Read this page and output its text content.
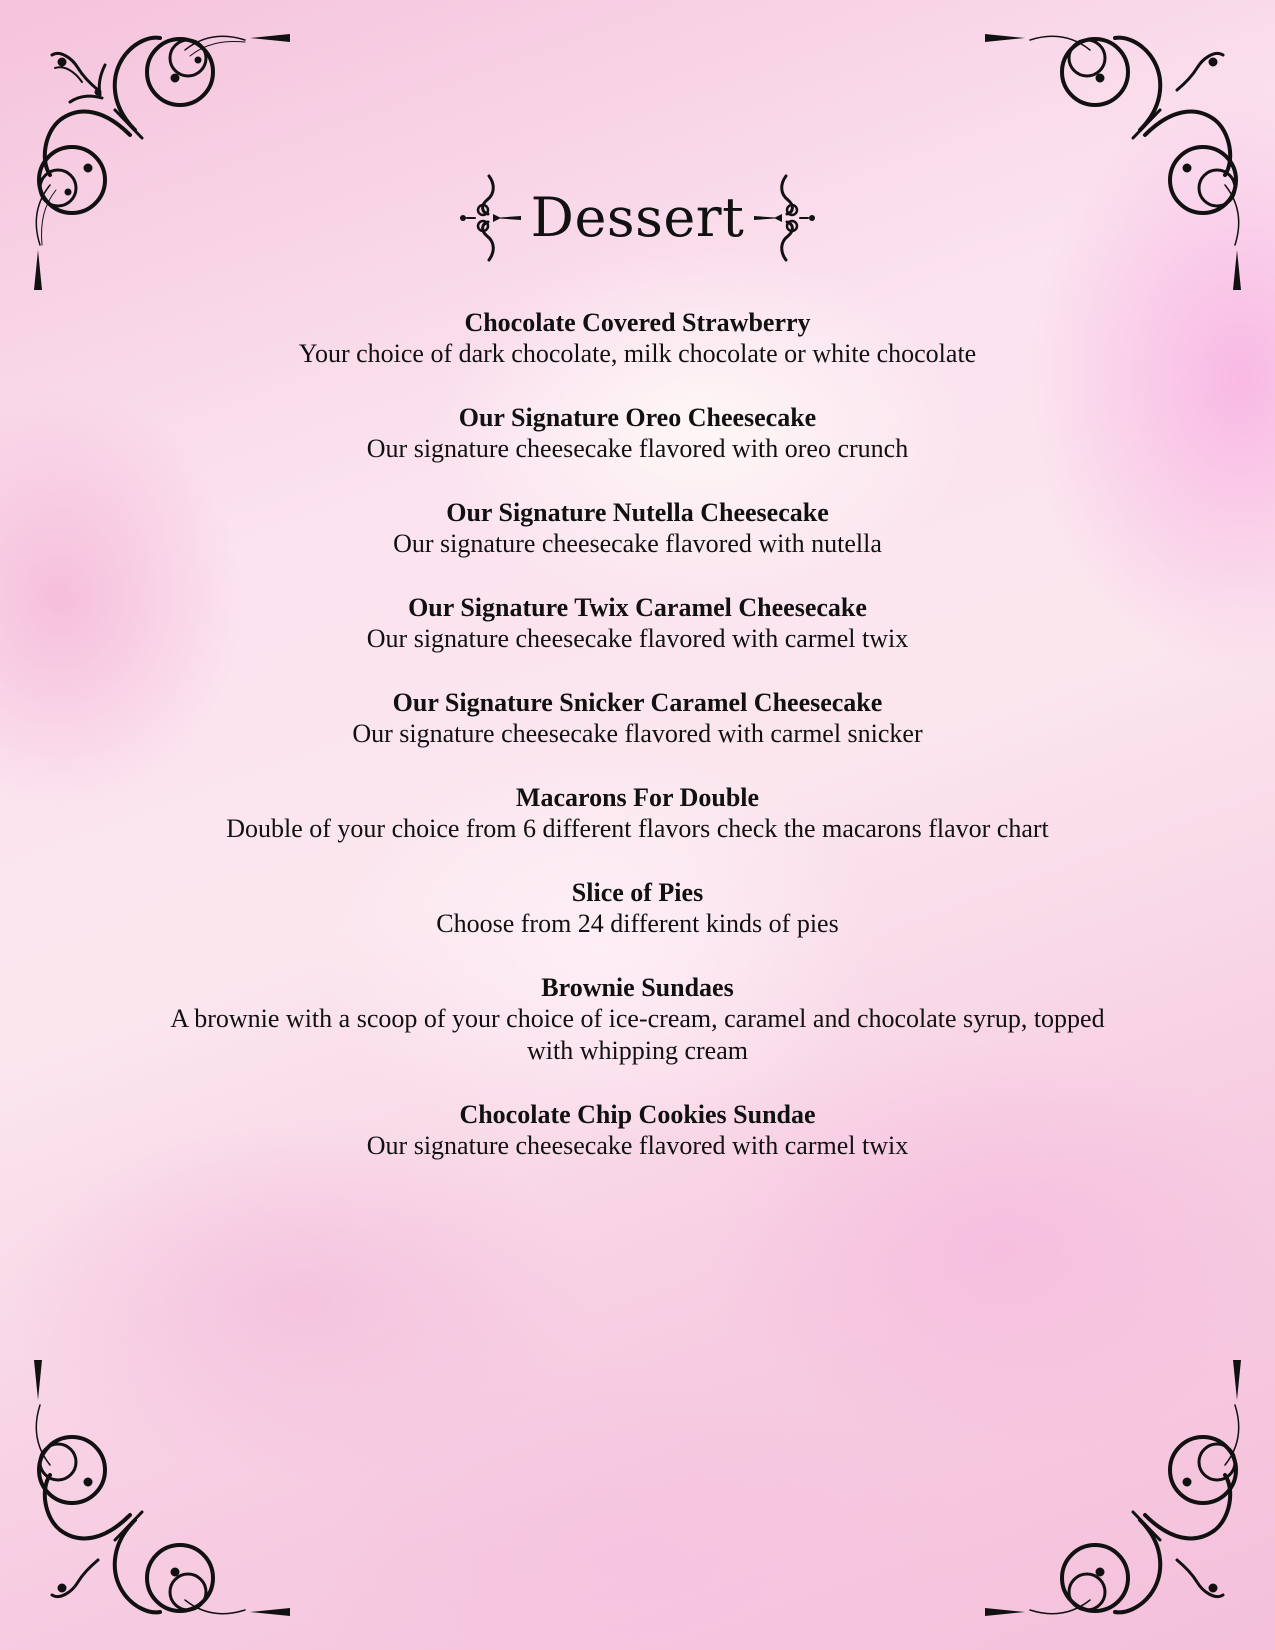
Dessert

Chocolate Covered Strawberry

Your choice of dark chocolate, milk chocolate or white chocolate

Our Signature Oreo Cheesecake

Our signature cheesecake flavored with oreo crunch

Our Signature Nutella Cheesecake

Our signature cheesecake flavored with nutella

Our Signature Twix Caramel Cheesecake

Our signature cheesecake flavored with carmel twix

Our Signature Snicker Caramel Cheesecake

Our signature cheesecake flavored with carmel snicker

Macarons For Double

Double of your choice from 6 different flavors check the macarons flavor chart

Slice of Pies

Choose from 24 different kinds of pies

Brownie Sundaes

A brownie with a scoop of your choice of ice-cream, caramel and chocolate syrup, topped with whipping cream

Chocolate Chip Cookies Sundae

Our signature cheesecake flavored with carmel twix
